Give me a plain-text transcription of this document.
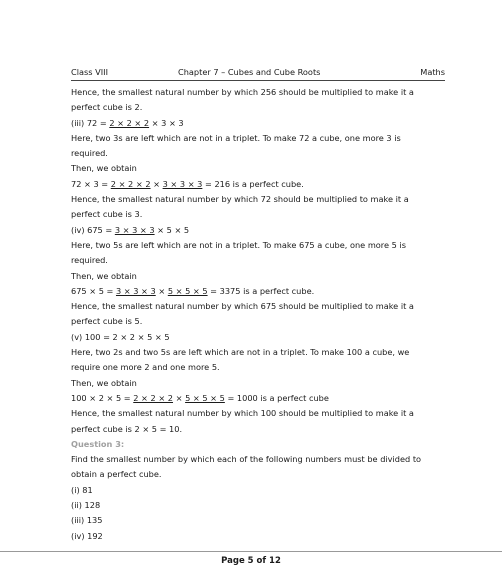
Class VIII	Chapter 7 – Cubes and Cube Roots	Maths

Hence, the smallest natural number by which 256 should be multiplied to make it a

perfect cube is 2.

(iii) 72 = 2 × 2 × 2 × 3 × 3

Here, two 3s are left which are not in a triplet. To make 72 a cube, one more 3 is

required.

Then, we obtain

72 × 3 = 2 × 2 × 2 × 3 × 3 × 3 = 216 is a perfect cube.

Hence, the smallest natural number by which 72 should be multiplied to make it a

perfect cube is 3.

(iv) 675 = 3 × 3 × 3 × 5 × 5

Here, two 5s are left which are not in a triplet. To make 675 a cube, one more 5 is

required.

Then, we obtain

675 × 5 = 3 × 3 × 3 × 5 × 5 × 5 = 3375 is a perfect cube.

Hence, the smallest natural number by which 675 should be multiplied to make it a

perfect cube is 5.

(v) 100 = 2 × 2 × 5 × 5

Here, two 2s and two 5s are left which are not in a triplet. To make 100 a cube, we

require one more 2 and one more 5.

Then, we obtain

100 × 2 × 5 = 2 × 2 × 2 × 5 × 5 × 5 = 1000 is a perfect cube

Hence, the smallest natural number by which 100 should be multiplied to make it a

perfect cube is 2 × 5 = 10.

Question 3:

Find the smallest number by which each of the following numbers must be divided to

obtain a perfect cube.

(i) 81

(ii) 128

(iii) 135

(iv) 192

Page 5 of 12
